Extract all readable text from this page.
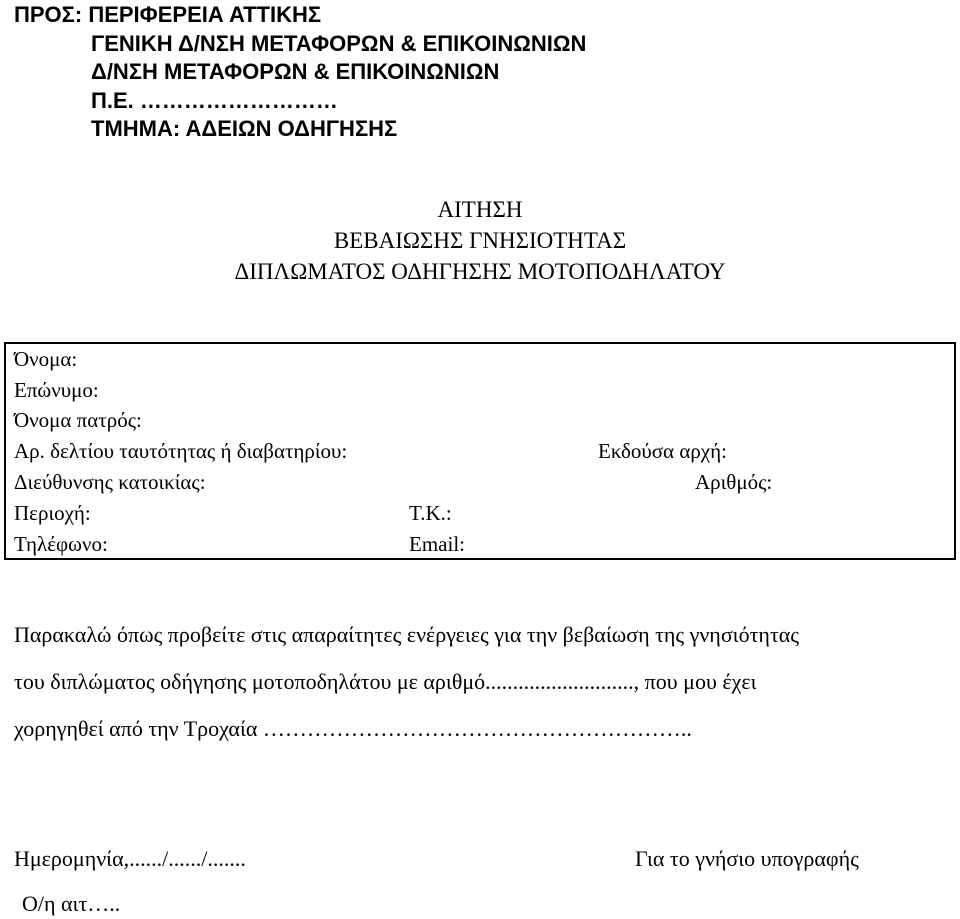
ΠΡΟΣ: ΠΕΡΙΦΕΡΕΙΑ ΑΤΤΙΚΗΣ
ΓΕΝΙΚΗ Δ/ΝΣΗ ΜΕΤΑΦΟΡΩΝ & ΕΠΙΚΟΙΝΩΝΙΩΝ
Δ/ΝΣΗ ΜΕΤΑΦΟΡΩΝ & ΕΠΙΚΟΙΝΩΝΙΩΝ
Π.Ε. ………………………
ΤΜΗΜΑ: ΑΔΕΙΩΝ ΟΔΗΓΗΣΗΣ
ΑΙΤΗΣΗ
ΒΕΒΑΙΩΣΗΣ ΓΝΗΣΙΟΤΗΤΑΣ
ΔΙΠΛΩΜΑΤΟΣ ΟΔΗΓΗΣΗΣ ΜΟΤΟΠΟΔΗΛΑΤΟΥ
Όνομα:
Επώνυμο:
Όνομα πατρός:
Αρ. δελτίου ταυτότητας ή διαβατηρίου:	Εκδούσα αρχή:
Διεύθυνσης κατοικίας:	Αριθμός:
Περιοχή:	Τ.Κ.:
Τηλέφωνο:	Email:
Παρακαλώ όπως προβείτε στις απαραίτητες ενέργειες για την βεβαίωση της γνησιότητας
του διπλώματος οδήγησης μοτοποδηλάτου με αριθμό..........................., που μου έχει
χορηγηθεί από την Τροχαία …………………………………………………..
Ημερομηνία,....../....../.......	Για το γνήσιο υπογραφής
Ο/η αιτ…..
